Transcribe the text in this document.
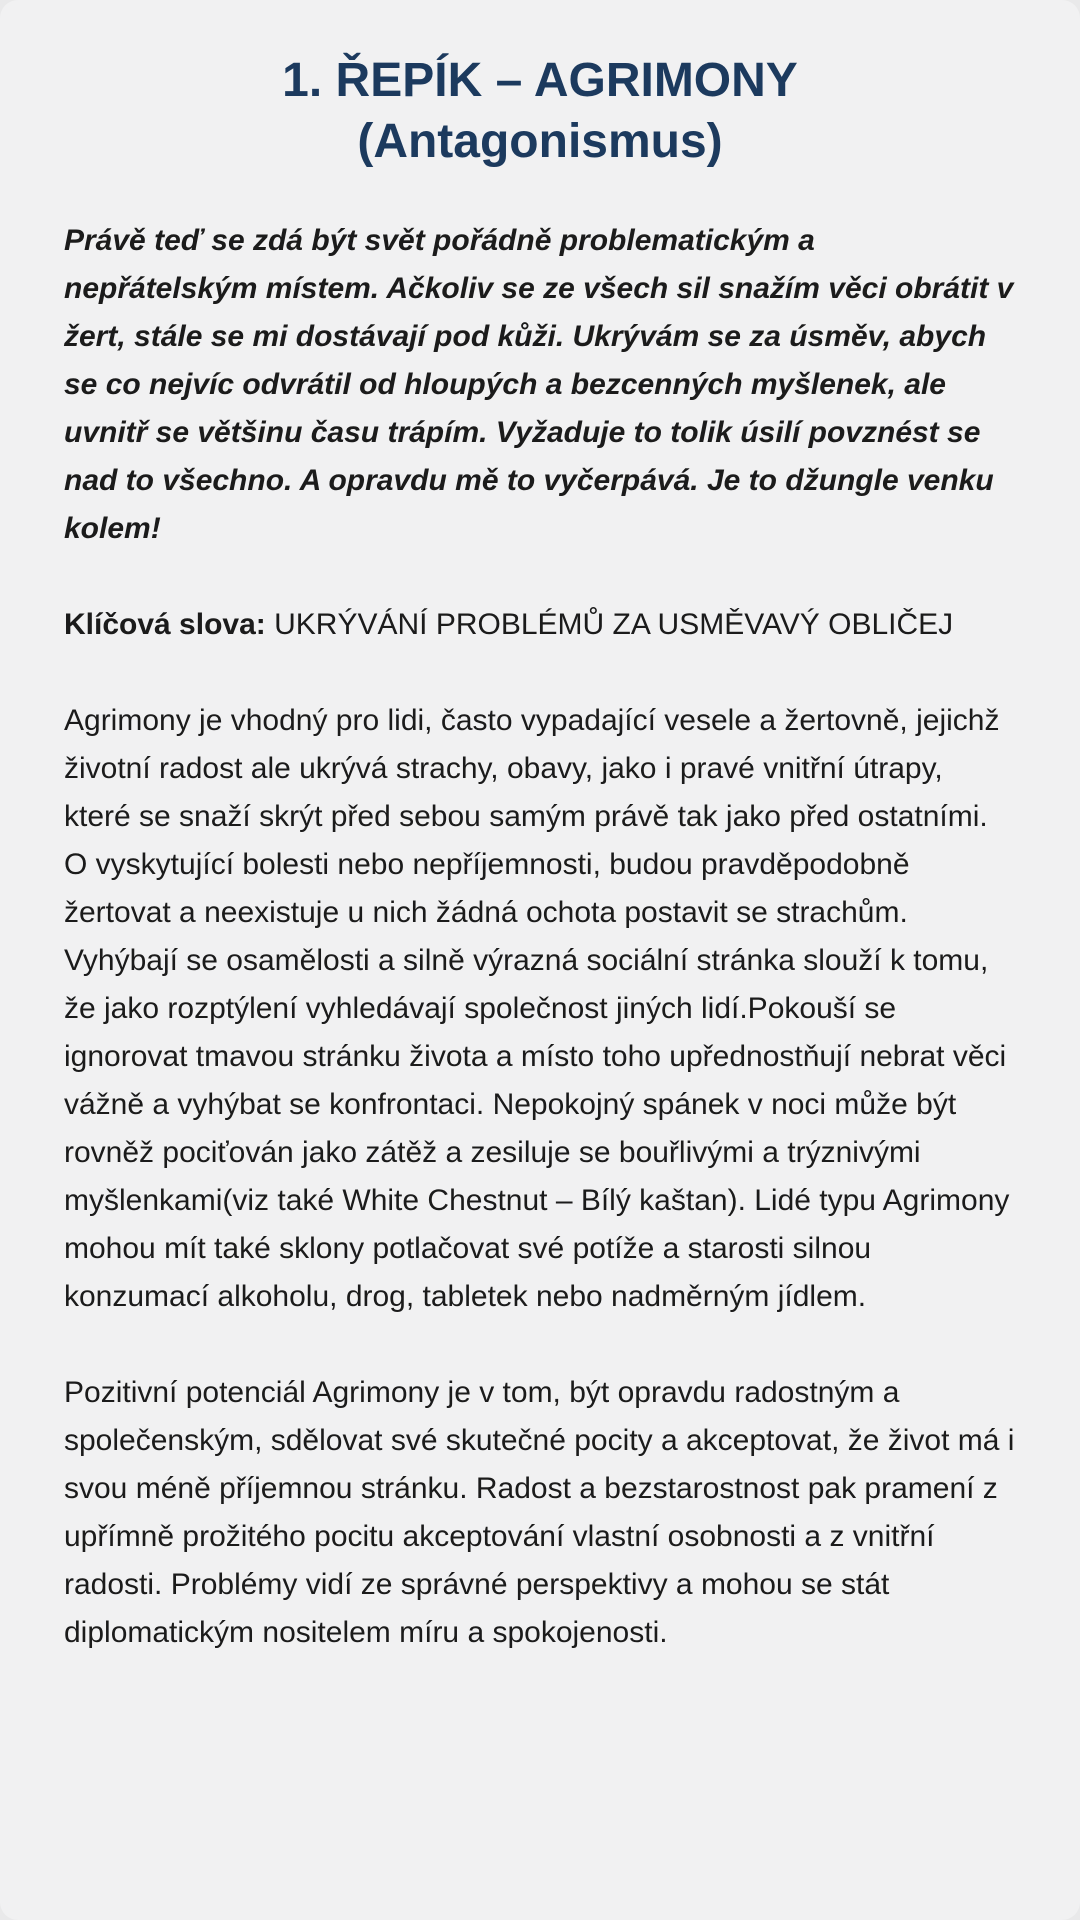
1. ŘEPÍK – AGRIMONY
(Antagonismus)

Právě teď se zdá být svět pořádně problematickým a nepřátelským místem. Ačkoliv se ze všech sil snažím věci obrátit v žert, stále se mi dostávají pod kůži. Ukrývám se za úsměv, abych se co nejvíc odvrátil od hloupých a bezcenných myšlenek, ale uvnitř se většinu času trápím. Vyžaduje to tolik úsilí povznést se nad to všechno. A opravdu mě to vyčerpává. Je to džungle venku kolem!

Klíčová slova: UKRÝVÁNÍ PROBLÉMŮ ZA USMĚVAVÝ OBLIČEJ

Agrimony je vhodný pro lidi, často vypadající vesele a žertovně, jejichž životní radost ale ukrývá strachy, obavy, jako i pravé vnitřní útrapy, které se snaží skrýt před sebou samým právě tak jako před ostatními. O vyskytující bolesti nebo nepříjemnosti, budou pravděpodobně žertovat a neexistuje u nich žádná ochota postavit se strachům. Vyhýbají se osamělosti a silně výrazná sociální stránka slouží k tomu, že jako rozptýlení vyhledávají společnost jiných lidí.Pokouší se ignorovat tmavou stránku života a místo toho upřednostňují nebrat věci vážně a vyhýbat se konfrontaci. Nepokojný spánek v noci může být rovněž pociťován jako zátěž a zesiluje se bouřlivými a trýznivými myšlenkami(viz také White Chestnut – Bílý kaštan). Lidé typu Agrimony mohou mít také sklony potlačovat své potíže a starosti silnou konzumací alkoholu, drog, tabletek nebo nadměrným jídlem.

Pozitivní potenciál Agrimony je v tom, být opravdu radostným a společenským, sdělovat své skutečné pocity a akceptovat, že život má i svou méně příjemnou stránku. Radost a bezstarostnost pak pramení z upřímně prožitého pocitu akceptování vlastní osobnosti a z vnitřní radosti. Problémy vidí ze správné perspektivy a mohou se stát diplomatickým nositelem míru a spokojenosti.
